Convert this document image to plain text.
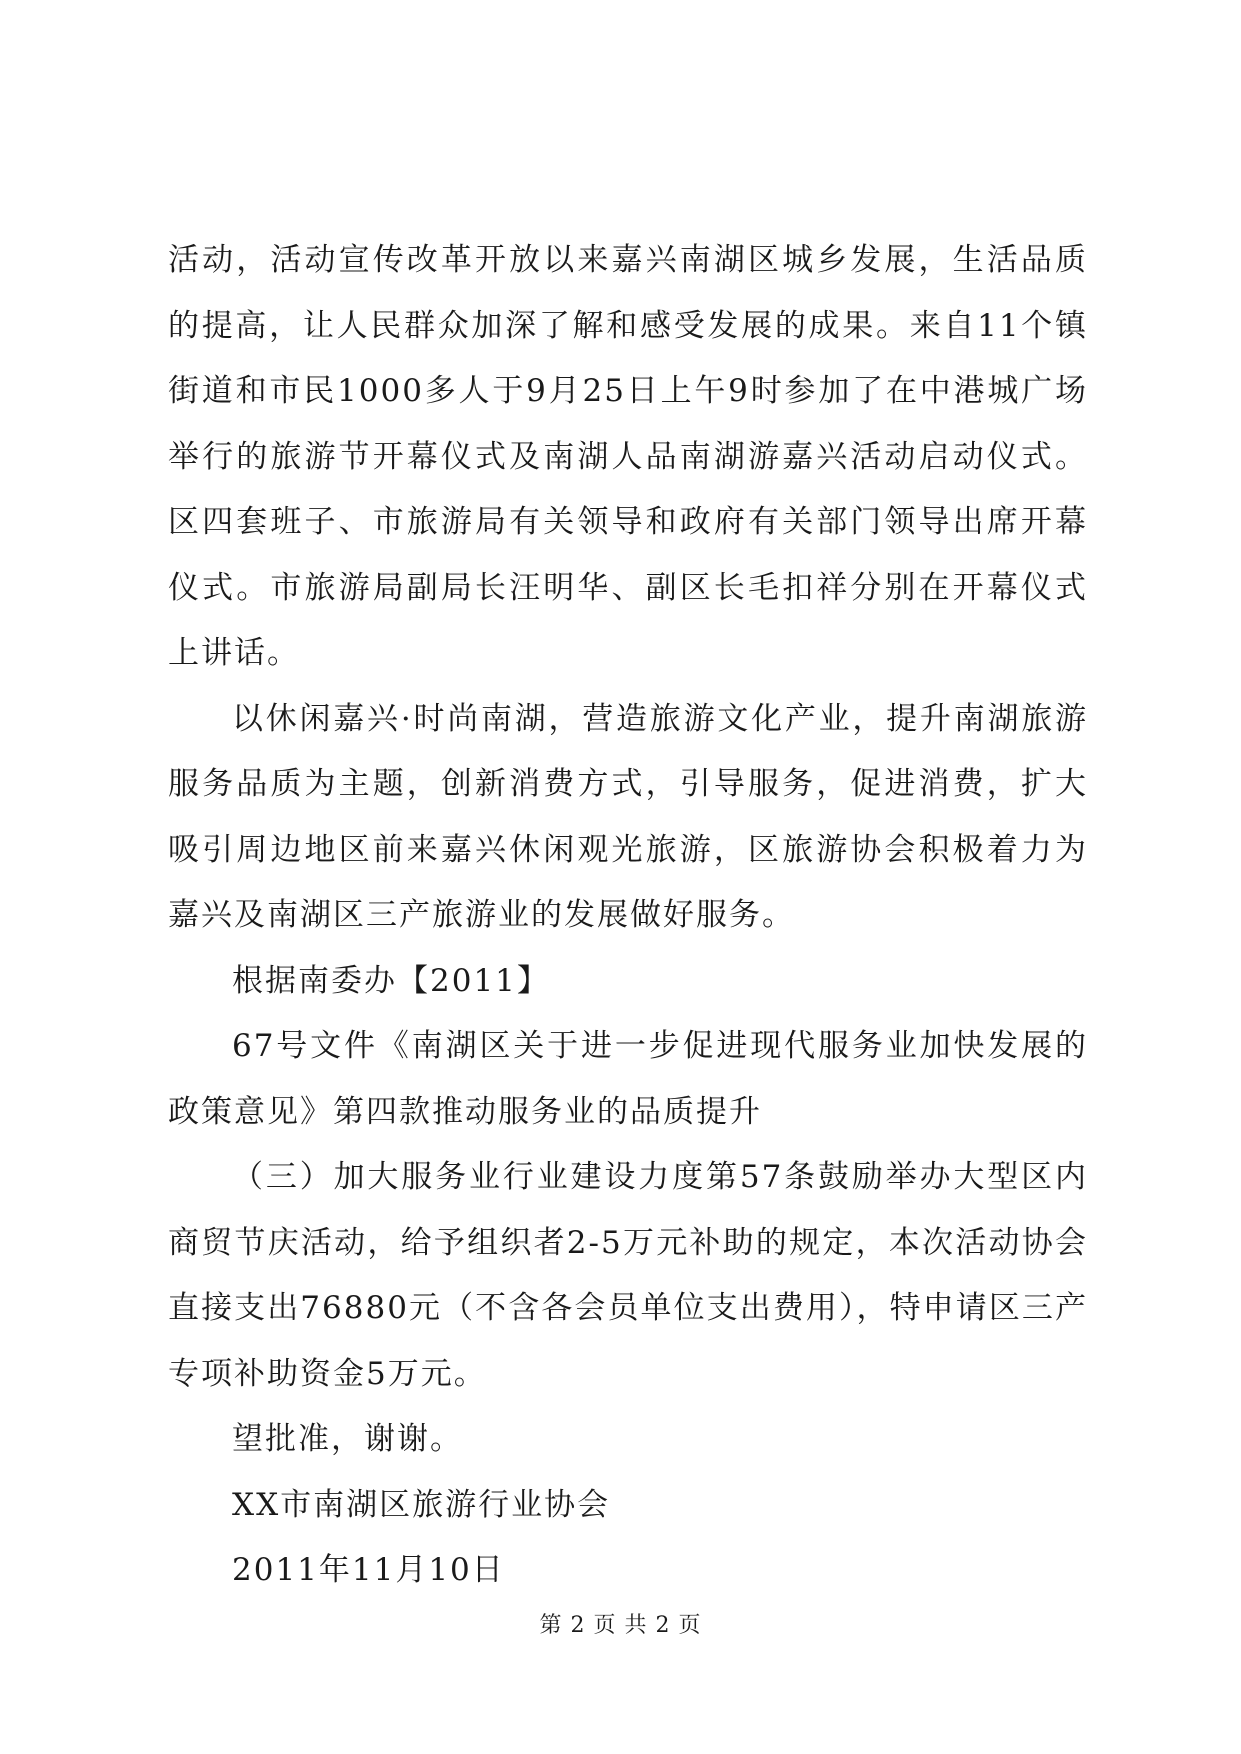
活动，活动宣传改革开放以来嘉兴南湖区城乡发展，生活品质的提高，让人民群众加深了解和感受发展的成果。来自11个镇街道和市民1000多人于9月25日上午9时参加了在中港城广场举行的旅游节开幕仪式及南湖人品南湖游嘉兴活动启动仪式。区四套班子、市旅游局有关领导和政府有关部门领导出席开幕仪式。市旅游局副局长汪明华、副区长毛扣祥分别在开幕仪式上讲话。

以休闲嘉兴·时尚南湖，营造旅游文化产业，提升南湖旅游服务品质为主题，创新消费方式，引导服务，促进消费，扩大吸引周边地区前来嘉兴休闲观光旅游，区旅游协会积极着力为嘉兴及南湖区三产旅游业的发展做好服务。

根据南委办【2011】

67号文件《南湖区关于进一步促进现代服务业加快发展的政策意见》第四款推动服务业的品质提升

（三）加大服务业行业建设力度第57条鼓励举办大型区内商贸节庆活动，给予组织者2-5万元补助的规定，本次活动协会直接支出76880元（不含各会员单位支出费用），特申请区三产专项补助资金5万元。

望批准，谢谢。

XX市南湖区旅游行业协会

2011年11月10日

第 2 页 共 2 页
